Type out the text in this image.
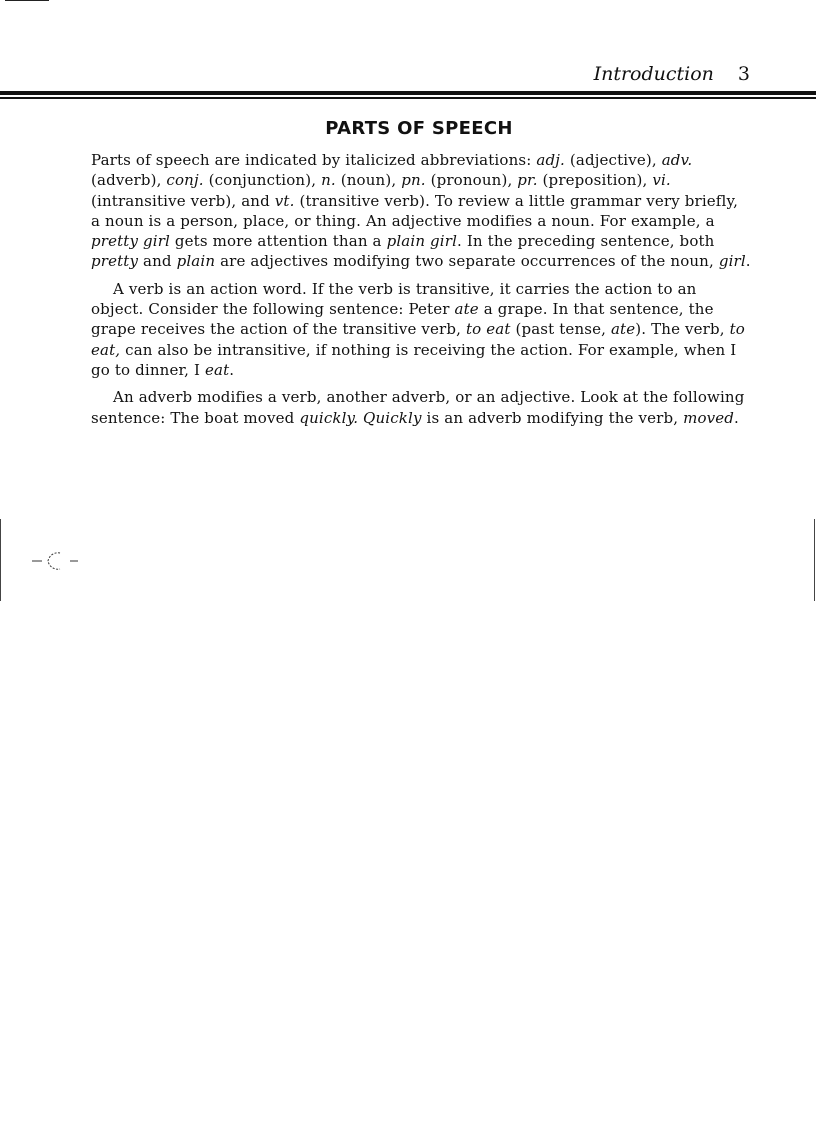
Introduction 3
PARTS OF SPEECH

Parts of speech are indicated by italicized abbreviations: adj. (adjective), adv. (adverb), conj. (conjunction), n. (noun), pn. (pronoun), pr. (preposition), vi. (intransitive verb), and vt. (transitive verb). To review a little grammar very briefly, a noun is a person, place, or thing. An adjective modifies a noun. For example, a pretty girl gets more attention than a plain girl. In the preceding sentence, both pretty and plain are adjectives modifying two separate occurrences of the noun, girl.

A verb is an action word. If the verb is transitive, it carries the action to an object. Consider the following sentence: Peter ate a grape. In that sentence, the grape receives the action of the transitive verb, to eat (past tense, ate). The verb, to eat, can also be intransitive, if nothing is receiving the action. For example, when I go to dinner, I eat.

An adverb modifies a verb, another adverb, or an adjective. Look at the following sentence: The boat moved quickly. Quickly is an adverb modifying the verb, moved.
